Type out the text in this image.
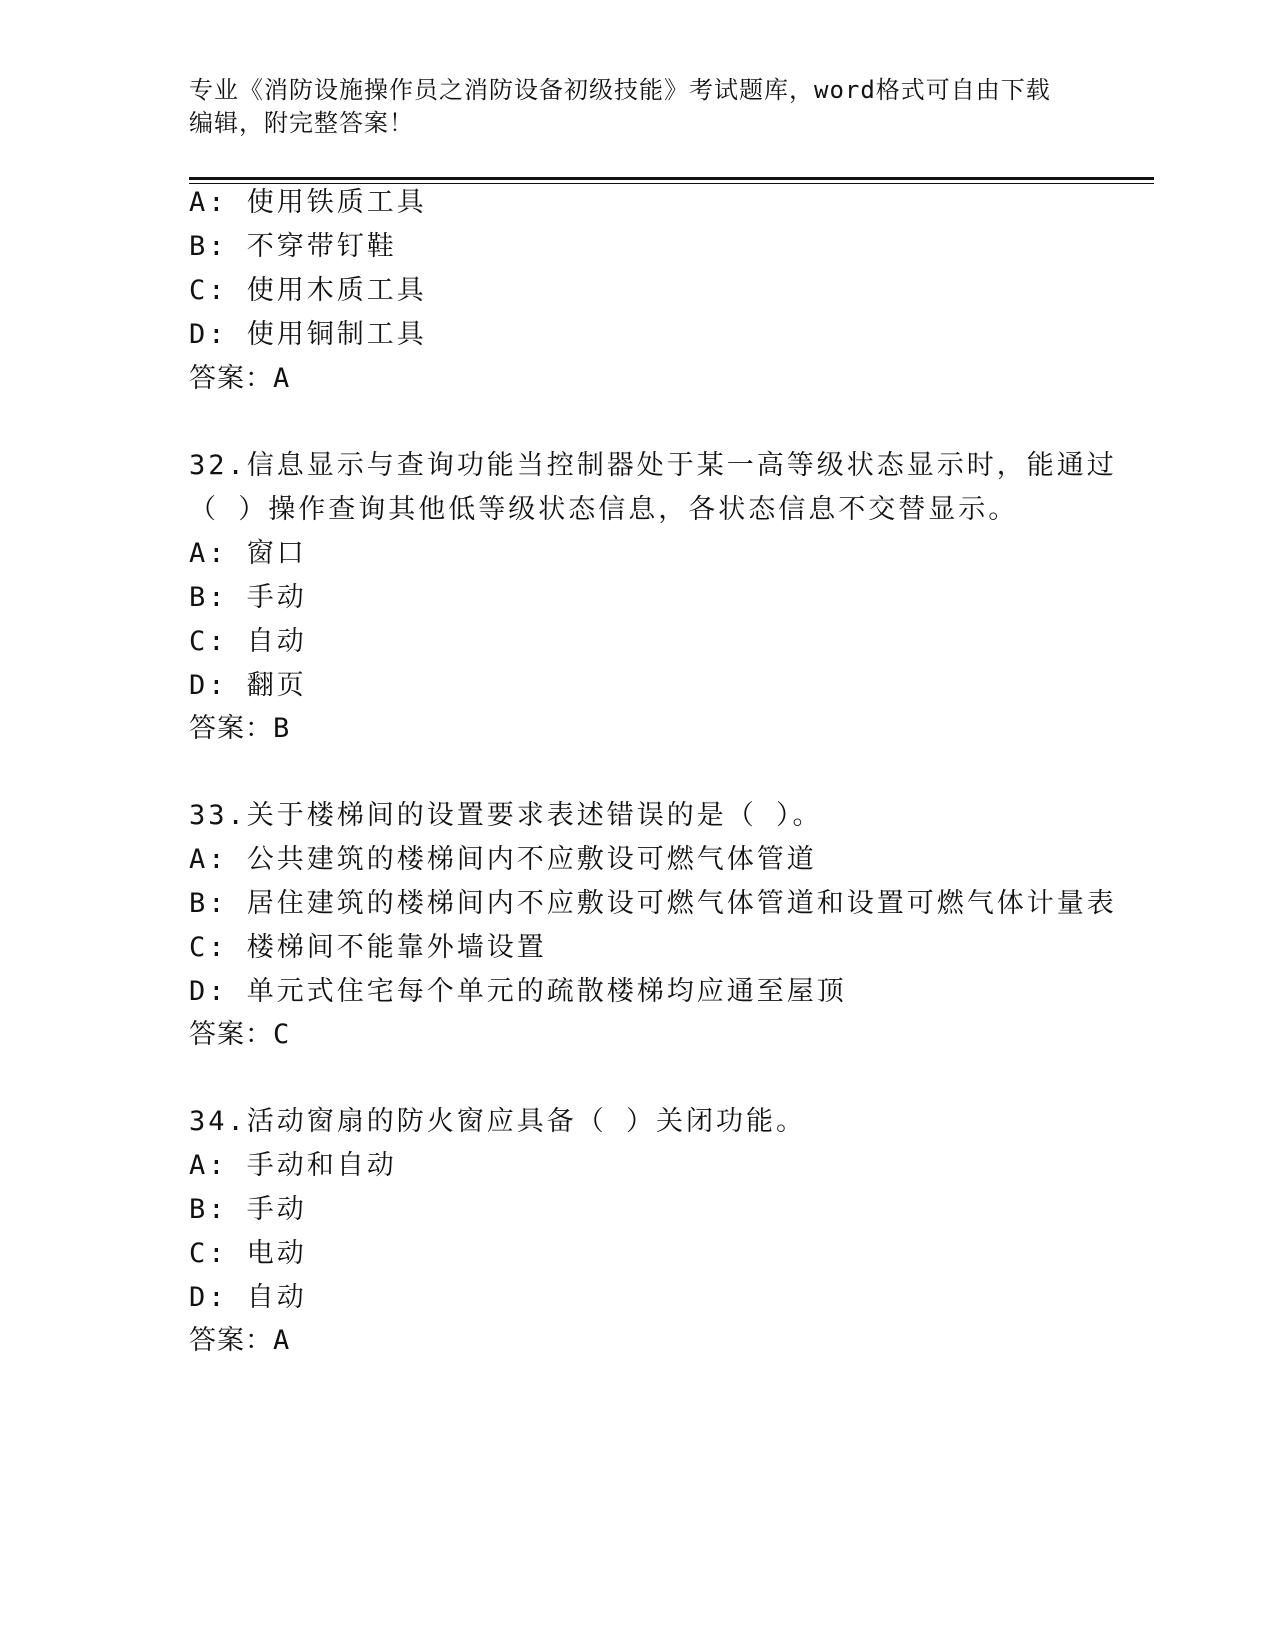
专业《消防设施操作员之消防设备初级技能》考试题库，word格式可自由下载编辑，附完整答案！
A: 使用铁质工具
B: 不穿带钉鞋
C: 使用木质工具
D: 使用铜制工具
答案：A
32.信息显示与查询功能当控制器处于某一高等级状态显示时，能通过
（ ）操作查询其他低等级状态信息，各状态信息不交替显示。
A: 窗口
B: 手动
C: 自动
D: 翻页
答案：B
33.关于楼梯间的设置要求表述错误的是（ ）。
A: 公共建筑的楼梯间内不应敷设可燃气体管道
B: 居住建筑的楼梯间内不应敷设可燃气体管道和设置可燃气体计量表
C: 楼梯间不能靠外墙设置
D: 单元式住宅每个单元的疏散楼梯均应通至屋顶
答案：C
34.活动窗扇的防火窗应具备（ ）关闭功能。
A: 手动和自动
B: 手动
C: 电动
D: 自动
答案：A
